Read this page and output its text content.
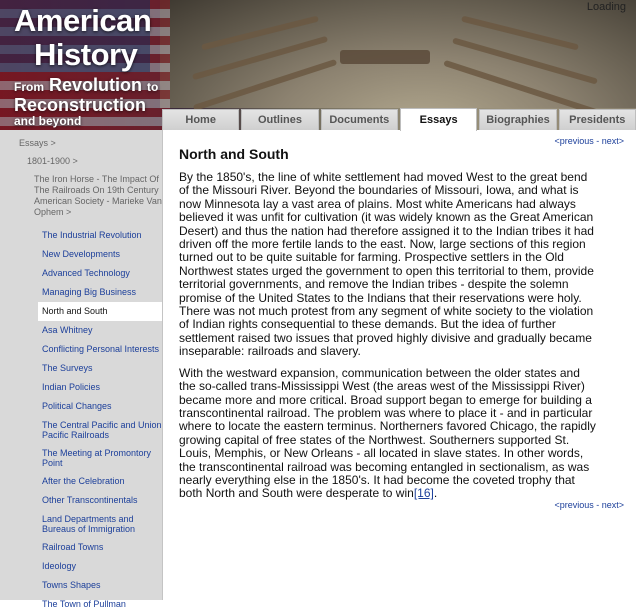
American
History
From Revolution to
Reconstruction
and beyond
Loading
Home	Outlines	Documents	Essays	Biographies	Presidents
Essays >
1801-1900 >
The Iron Horse - The Impact Of The Railroads On 19th Century American Society - Marieke Van Ophem >
The Industrial Revolution
New Developments
Advanced Technology
Managing Big Business
North and South
Asa Whitney
Conflicting Personal Interests
The Surveys
Indian Policies
Political Changes
The Central Pacific and Union Pacific Railroads
The Meeting at Promontory Point
After the Celebration
Other Transcontinentals
Land Departments and Bureaus of Immigration
Railroad Towns
Ideology
Towns Shapes
The Town of Pullman
<previous - next>
North and South

By the 1850's, the line of white settlement had moved West to the great bend of the Missouri River. Beyond the boundaries of Missouri, Iowa, and what is now Minnesota lay a vast area of plains. Most white Americans had always believed it was unfit for cultivation (it was widely known as the Great American Desert) and thus the nation had therefore assigned it to the Indian tribes it had driven off the more fertile lands to the east. Now, large sections of this region turned out to be quite suitable for farming. Prospective settlers in the Old Northwest states urged the government to open this territorial to them, provide territorial governments, and remove the Indian tribes - despite the solemn promise of the United States to the Indians that their reservations were holy. There was not much protest from any segment of white society to the violation of Indian rights consequential to these demands. But the idea of further settlement raised two issues that proved highly divisive and gradually became inseparable: railroads and slavery.

With the westward expansion, communication between the older states and the so-called trans-Mississippi West (the areas west of the Mississippi River) became more and more critical. Broad support began to emerge for building a transcontinental railroad. The problem was where to place it - and in particular where to locate the eastern terminus. Northerners favored Chicago, the rapidly growing capital of free states of the Northwest. Southerners supported St. Louis, Memphis, or New Orleans - all located in slave states. In other words, the transcontinental railroad was becoming entangled in sectionalism, as was nearly everything else in the 1850's. It had become the coveted trophy that both North and South were desperate to win[16].

<previous - next>
